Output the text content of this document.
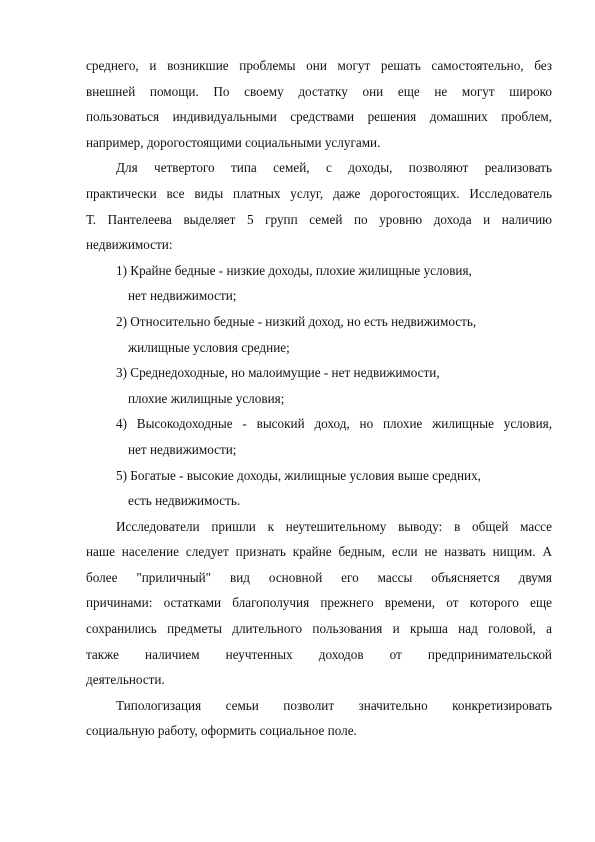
среднего, и возникшие проблемы они могут решать самостоятельно, без
внешней помощи. По своему достатку они еще не могут широко
пользоваться индивидуальными средствами решения домашних проблем,
например, дорогостоящими социальными услугами.
Для четвертого типа семей, с доходы, позволяют реализовать
практически все виды платных услуг, даже дорогостоящих. Исследователь
Т. Пантелеева выделяет 5 групп семей по уровню дохода и наличию
недвижимости:
1) Крайне бедные - низкие доходы, плохие жилищные условия,
нет недвижимости;
2) Относительно бедные - низкий доход, но есть недвижимость,
жилищные условия средние;
3) Среднедоходные, но малоимущие - нет недвижимости,
плохие жилищные условия;
4) Высокодоходные - высокий доход, но плохие жилищные условия,
нет недвижимости;
5) Богатые - высокие доходы, жилищные условия выше средних,
есть недвижимость.
Исследователи пришли к неутешительному выводу: в общей массе
наше население следует признать крайне бедным, если не назвать нищим. А
более "приличный" вид основной его массы объясняется двумя
причинами: остатками благополучия прежнего времени, от которого еще
сохранились предметы длительного пользования и крыша над головой, а
также наличием неучтенных доходов от предпринимательской
деятельности.
Типологизация семьи позволит значительно конкретизировать
социальную работу, оформить социальное поле.
